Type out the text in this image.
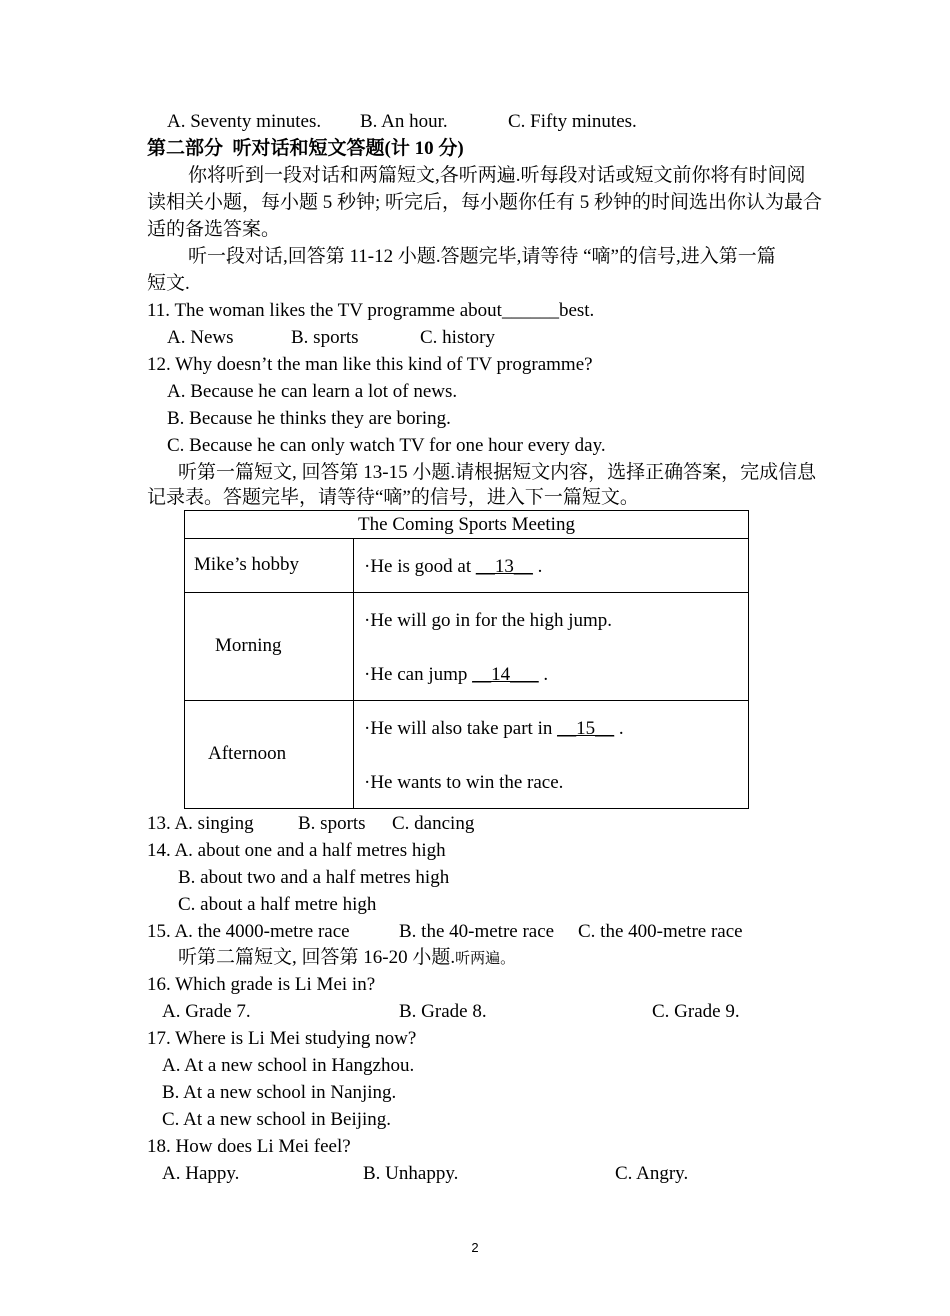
A. Seventy minutes. B. An hour.	C. Fifty minutes.
第二部分  听对话和短文答题(计 10 分)
你将听到一段对话和两篇短文,各听两遍.听每段对话或短文前你将有时间阅
读相关小题，每小题 5 秒钟; 听完后，每小题你任有 5 秒钟的时间选出你认为最合
适的备选答案。
听一段对话,回答第 11-12 小题.答题完毕,请等待 “嘀”的信号,进入第一篇
短文.
11. The woman likes the TV programme about______best.
A. News	B. sports	C. history
12. Why doesn’t the man like this kind of TV programme?
A. Because he can learn a lot of news.
B. Because he thinks they are boring.
C. Because he can only watch TV for one hour every day.
听第一篇短文, 回答第 13-15 小题.请根据短文内容，选择正确答案，完成信息
记录表。答题完毕，请等待“嘀”的信号，进入下一篇短文。
The Coming Sports Meeting	

Mike’s hobby	·He is good at __13__ .

Morning	·He will go in for the high jump.
·He can jump __14___ .

Afternoon	·He will also take part in __15__ .
·He wants to win the race.
13. A. singing B. sports C. dancing
14. A. about one and a half metres high
B. about two and a half metres high
C. about a half metre high
15. A. the 4000-metre race	B. the 40-metre race C. the 400-metre race
听第二篇短文, 回答第 16-20 小题.听两遍。
16. Which grade is Li Mei in?
A. Grade 7.	B. Grade 8.	C. Grade 9.
17. Where is Li Mei studying now?
A. At a new school in Hangzhou.
B. At a new school in Nanjing.
C. At a new school in Beijing.
18. How does Li Mei feel?
A. Happy.	B. Unhappy.	C. Angry.
2
